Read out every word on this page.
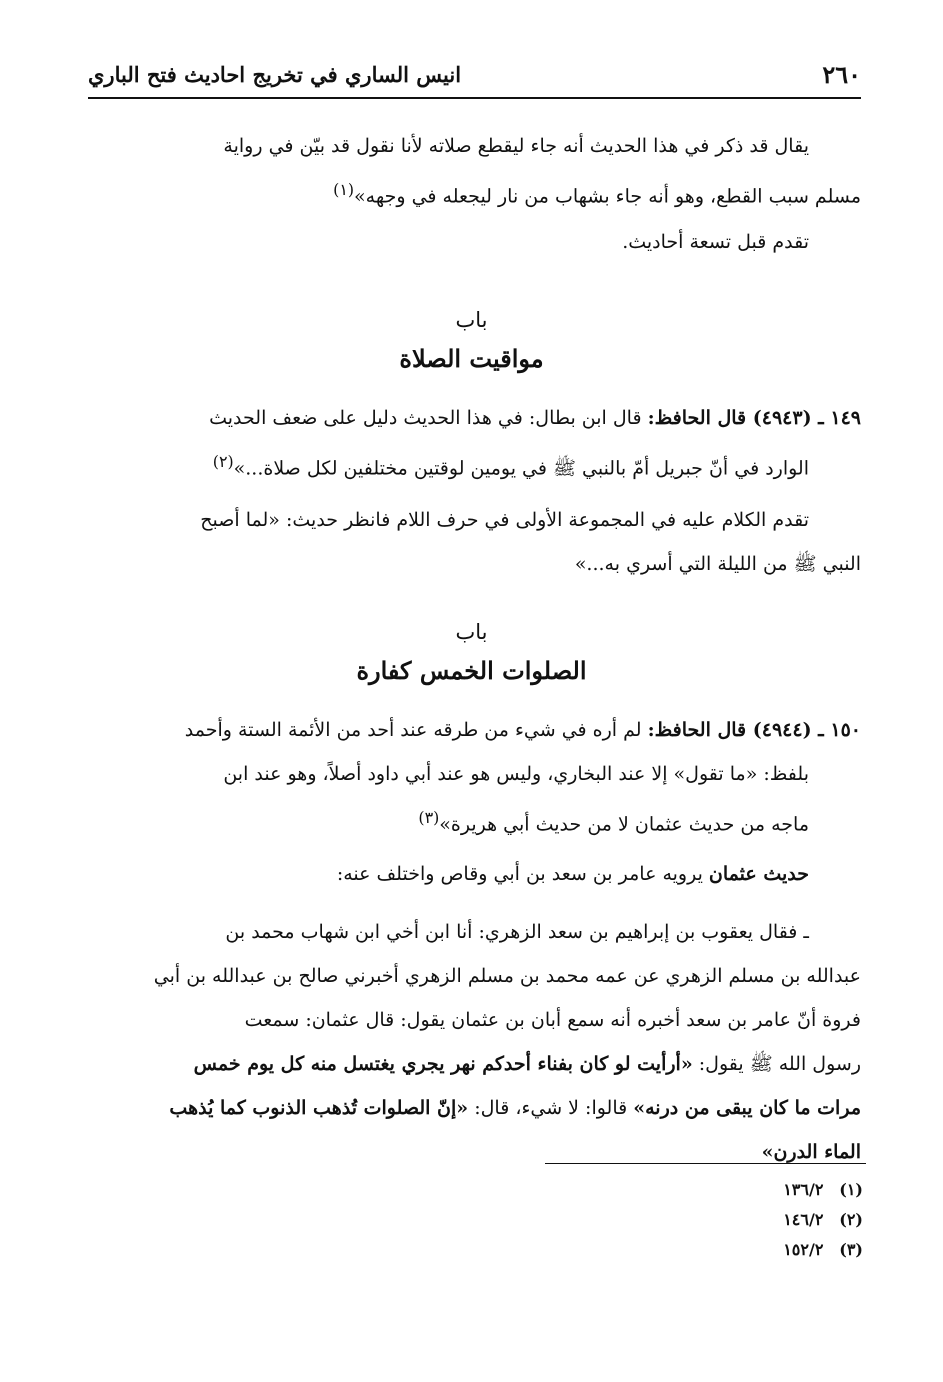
٢٦٠
انيس الساري في تخريج احاديث فتح الباري
يقال قد ذكر في هذا الحديث أنه جاء ليقطع صلاته لأنا نقول قد بيّن في رواية
مسلم سبب القطع، وهو أنه جاء بشهاب من نار ليجعله في وجهه»$^{(١)}$
تقدم قبل تسعة أحاديث.
باب
مواقيت الصلاة
١٤٩ ـ (٤٩٤٣) قال الحافظ: قال ابن بطال: في هذا الحديث دليل على ضعف الحديث
الوارد في أنّ جبريل أمّ بالنبي ﷺ في يومين لوقتين مختلفين لكل صلاة...»$^{(٢)}$
تقدم الكلام عليه في المجموعة الأولى في حرف اللام فانظر حديث: «لما أصبح
النبي ﷺ من الليلة التي أسري به...»
باب
الصلوات الخمس كفارة
١٥٠ ـ (٤٩٤٤) قال الحافظ: لم أره في شيء من طرقه عند أحد من الأئمة الستة وأحمد
بلفظ: «ما تقول» إلا عند البخاري، وليس هو عند أبي داود أصلاً، وهو عند ابن
ماجه من حديث عثمان لا من حديث أبي هريرة»$^{(٣)}$
حديث عثمان يرويه عامر بن سعد بن أبي وقاص واختلف عنه:
ـ فقال يعقوب بن إبراهيم بن سعد الزهري: أنا ابن أخي ابن شهاب محمد بن
عبدالله بن مسلم الزهري عن عمه محمد بن مسلم الزهري أخبرني صالح بن عبدالله بن أبي
فروة أنّ عامر بن سعد أخبره أنه سمع أبان بن عثمان يقول: قال عثمان: سمعت
رسول الله ﷺ يقول: «أرأيت لو كان بفناء أحدكم نهر يجري يغتسل منه كل يوم خمس
مرات ما كان يبقى من درنه» قالوا: لا شيء، قال: «إنّ الصلوات تُذهب الذنوب كما يُذهب
الماء الدرن»
(١) ١٣٦/٢
(٢) ١٤٦/٢
(٣) ١٥٢/٢
